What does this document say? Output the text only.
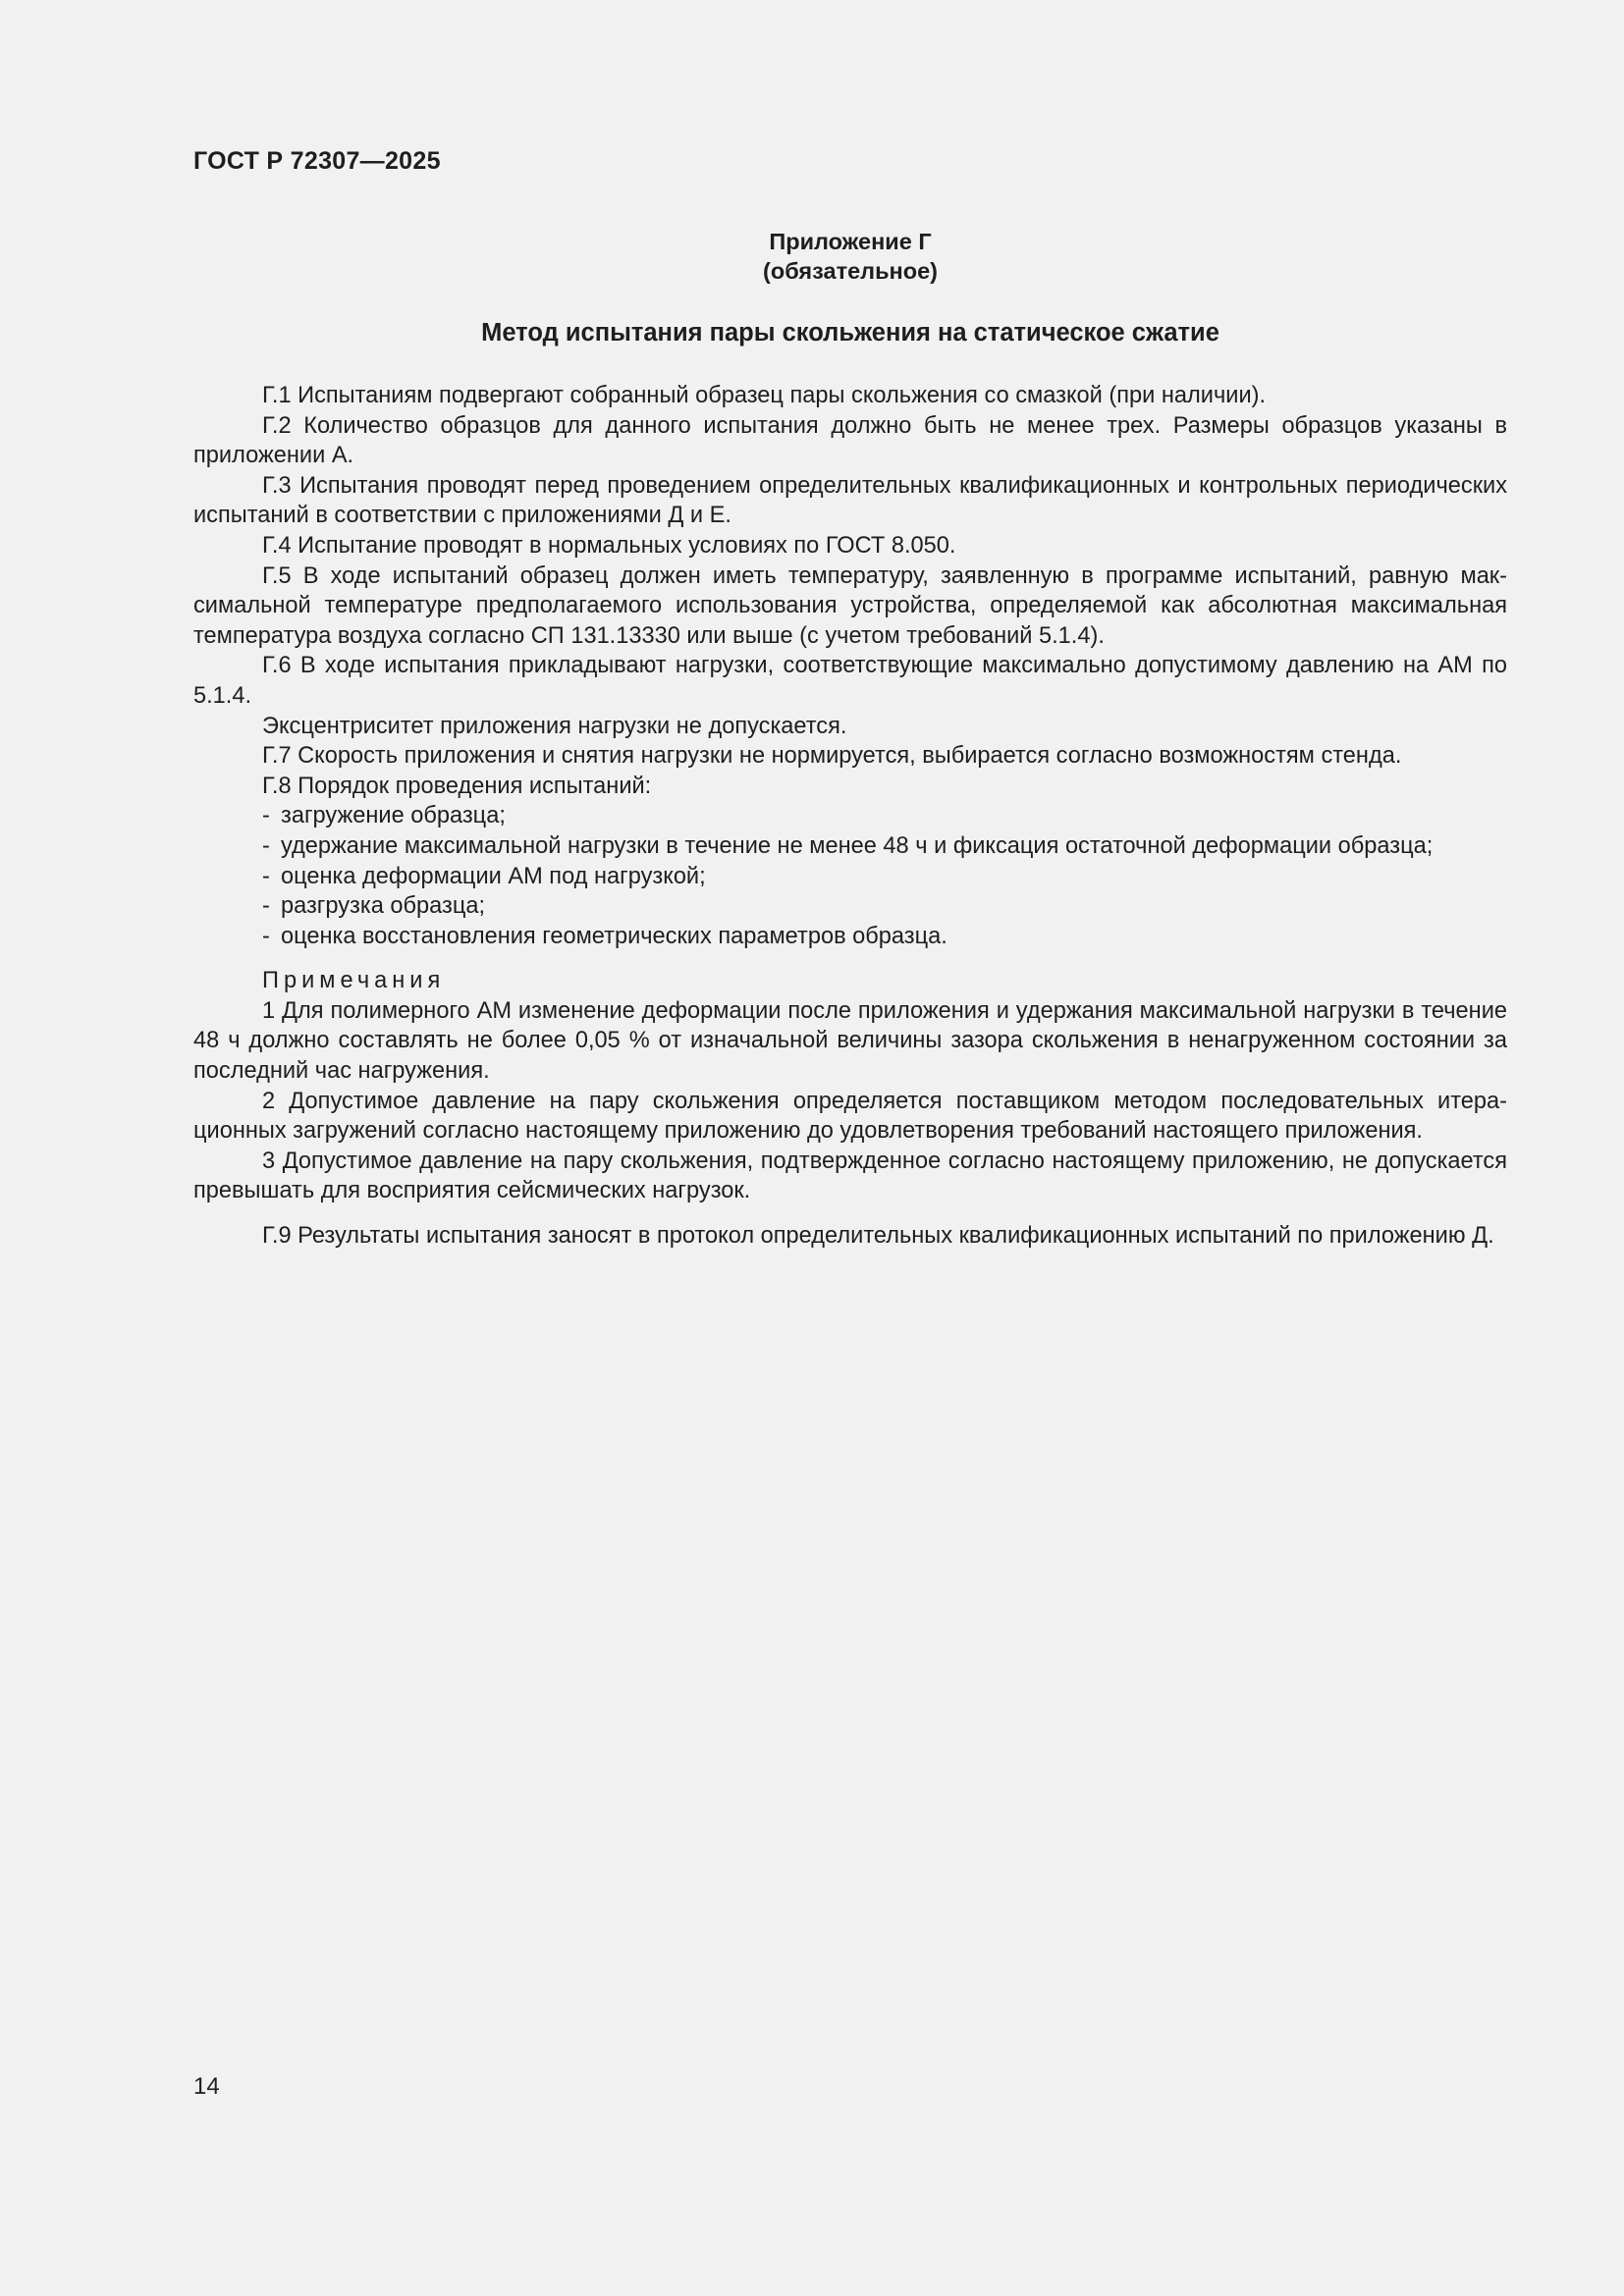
ГОСТ Р 72307—2025
Приложение Г
(обязательное)
Метод испытания пары скольжения на статическое сжатие

Г.1 Испытаниям подвергают собранный образец пары скольжения со смазкой (при наличии).

Г.2 Количество образцов для данного испытания должно быть не менее трех. Размеры образцов указаны в приложении А.

Г.3 Испытания проводят перед проведением определительных квалификационных и контрольных периодических испытаний в соответствии с приложениями Д и Е.

Г.4 Испытание проводят в нормальных условиях по ГОСТ 8.050.

Г.5 В ходе испытаний образец должен иметь температуру, заявленную в программе испытаний, равную максимальной температуре предполагаемого использования устройства, определяемой как абсолютная максимальная температура воздуха согласно СП 131.13330 или выше (с учетом требований 5.1.4).

Г.6 В ходе испытания прикладывают нагрузки, соответствующие максимально допустимому давлению на АМ по 5.1.4.

Эксцентриситет приложения нагрузки не допускается.

Г.7 Скорость приложения и снятия нагрузки не нормируется, выбирается согласно возможностям стенда.

Г.8 Порядок проведения испытаний:

- загружение образца;
- удержание максимальной нагрузки в течение не менее 48 ч и фиксация остаточной деформации образца;
- оценка деформации АМ под нагрузкой;
- разгрузка образца;
- оценка восстановления геометрических параметров образца.

Примечания

1 Для полимерного АМ изменение деформации после приложения и удержания максимальной нагрузки в течение 48 ч должно составлять не более 0,05 % от изначальной величины зазора скольжения в ненагруженном состоянии за последний час нагружения.

2 Допустимое давление на пару скольжения определяется поставщиком методом последовательных итерационных загружений согласно настоящему приложению до удовлетворения требований настоящего приложения.

3 Допустимое давление на пару скольжения, подтвержденное согласно настоящему приложению, не допускается превышать для восприятия сейсмических нагрузок.

Г.9 Результаты испытания заносят в протокол определительных квалификационных испытаний по приложению Д.

14
